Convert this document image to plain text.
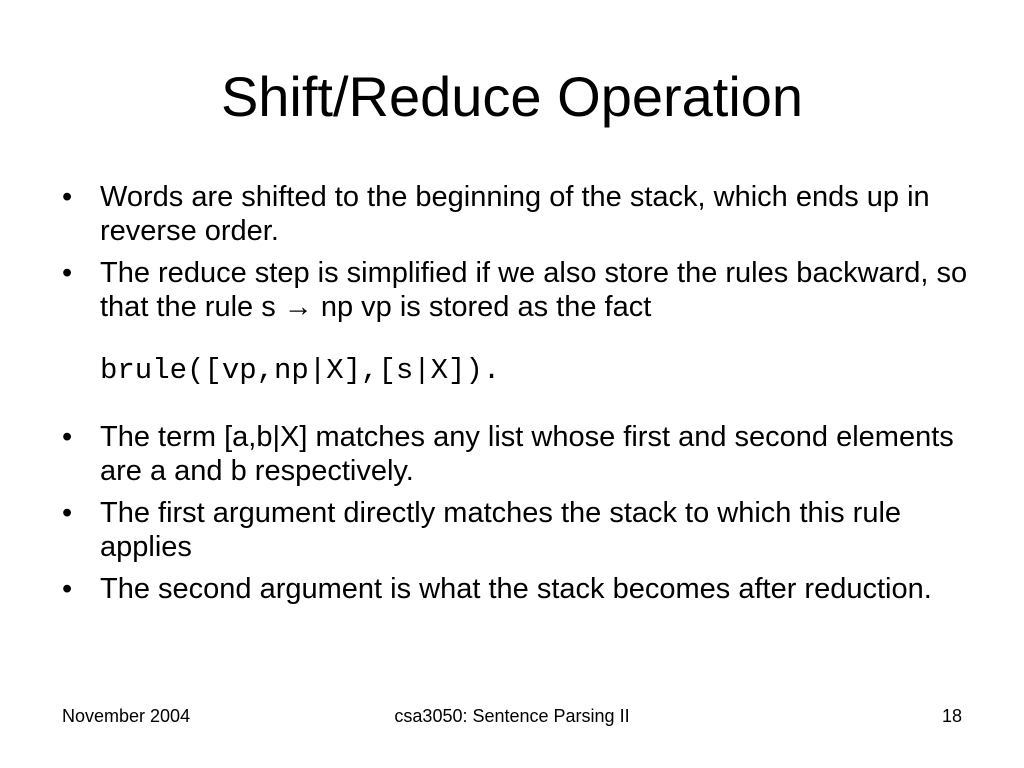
Shift/Reduce Operation
• Words are shifted to the beginning of the stack, which ends up in reverse order.
• The reduce step is simplified if we also store the rules backward, so that the rule s → np vp is stored as the fact
brule([vp,np|X],[s|X]).
• The term [a,b|X] matches any list whose first and second elements are a and b respectively.
• The first argument directly matches the stack to which this rule applies
• The second argument is what the stack becomes after reduction.
November 2004	csa3050: Sentence Parsing II	18
